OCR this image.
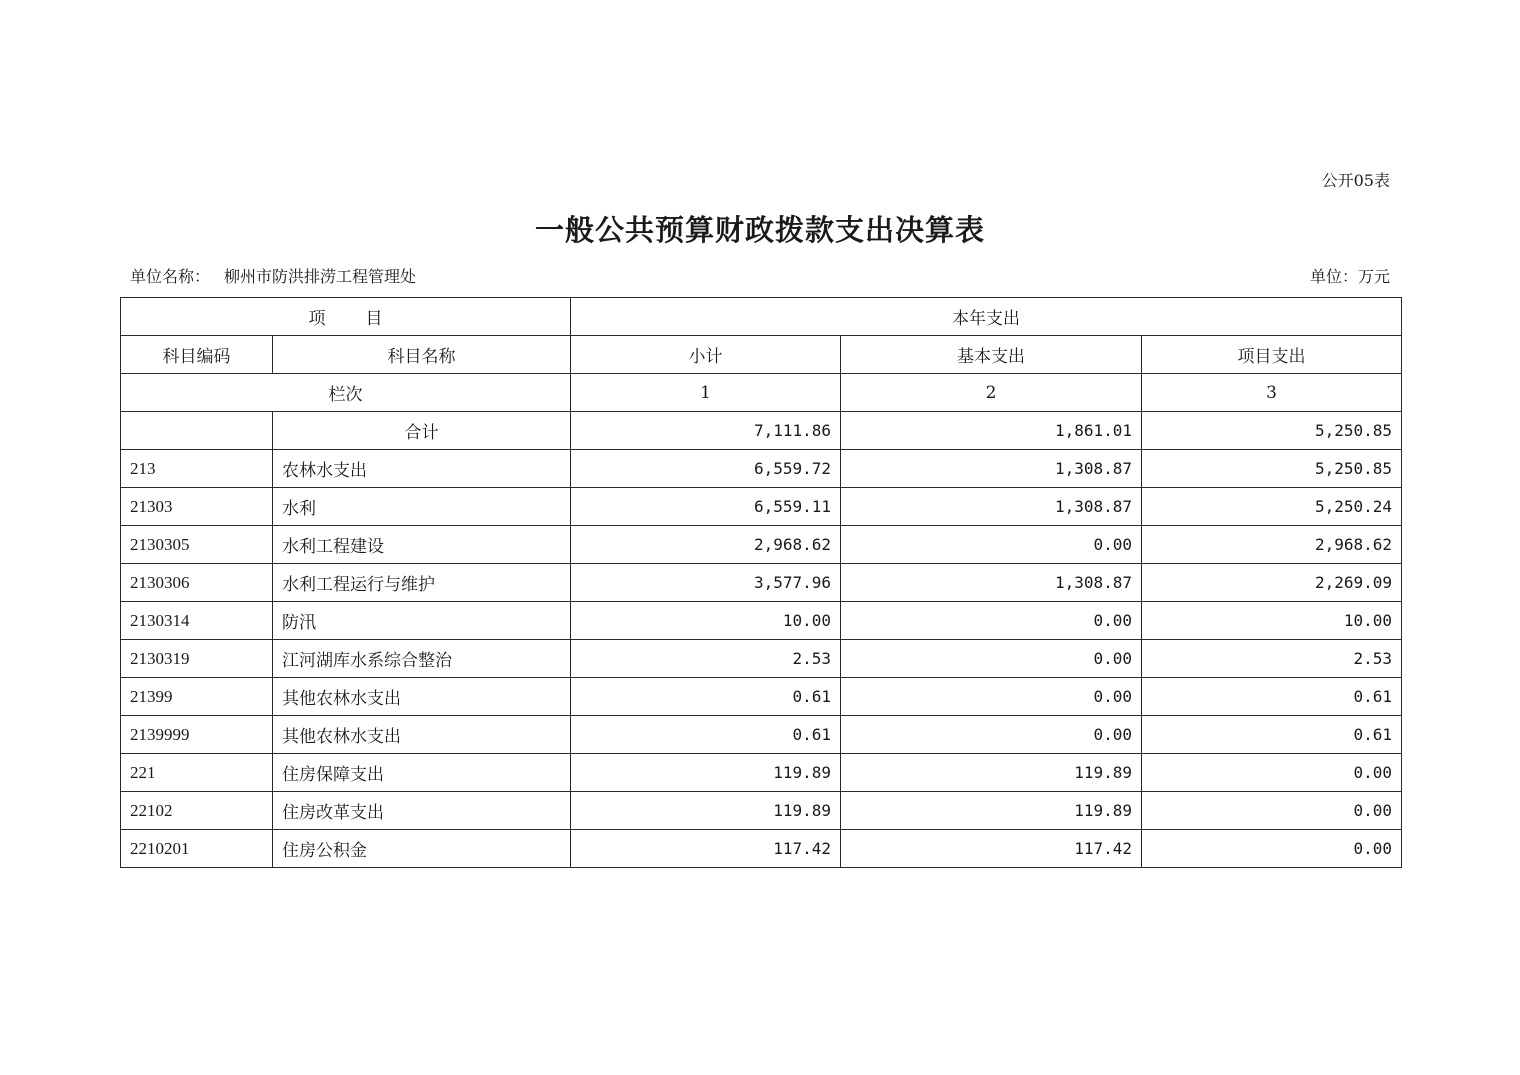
公开05表
一般公共预算财政拨款支出决算表
单位名称： 柳州市防洪排涝工程管理处	单位：万元
项 目		本年支出		
科目编码	科目名称	小计	基本支出	项目支出
栏次		1	2	3
	合计	7,111.86	1,861.01	5,250.85
213	农林水支出	6,559.72	1,308.87	5,250.85
21303	水利	6,559.11	1,308.87	5,250.24
2130305	水利工程建设	2,968.62	0.00	2,968.62
2130306	水利工程运行与维护	3,577.96	1,308.87	2,269.09
2130314	防汛	10.00	0.00	10.00
2130319	江河湖库水系综合整治	2.53	0.00	2.53
21399	其他农林水支出	0.61	0.00	0.61
2139999	其他农林水支出	0.61	0.00	0.61
221	住房保障支出	119.89	119.89	0.00
22102	住房改革支出	119.89	119.89	0.00
2210201	住房公积金	117.42	117.42	0.00
